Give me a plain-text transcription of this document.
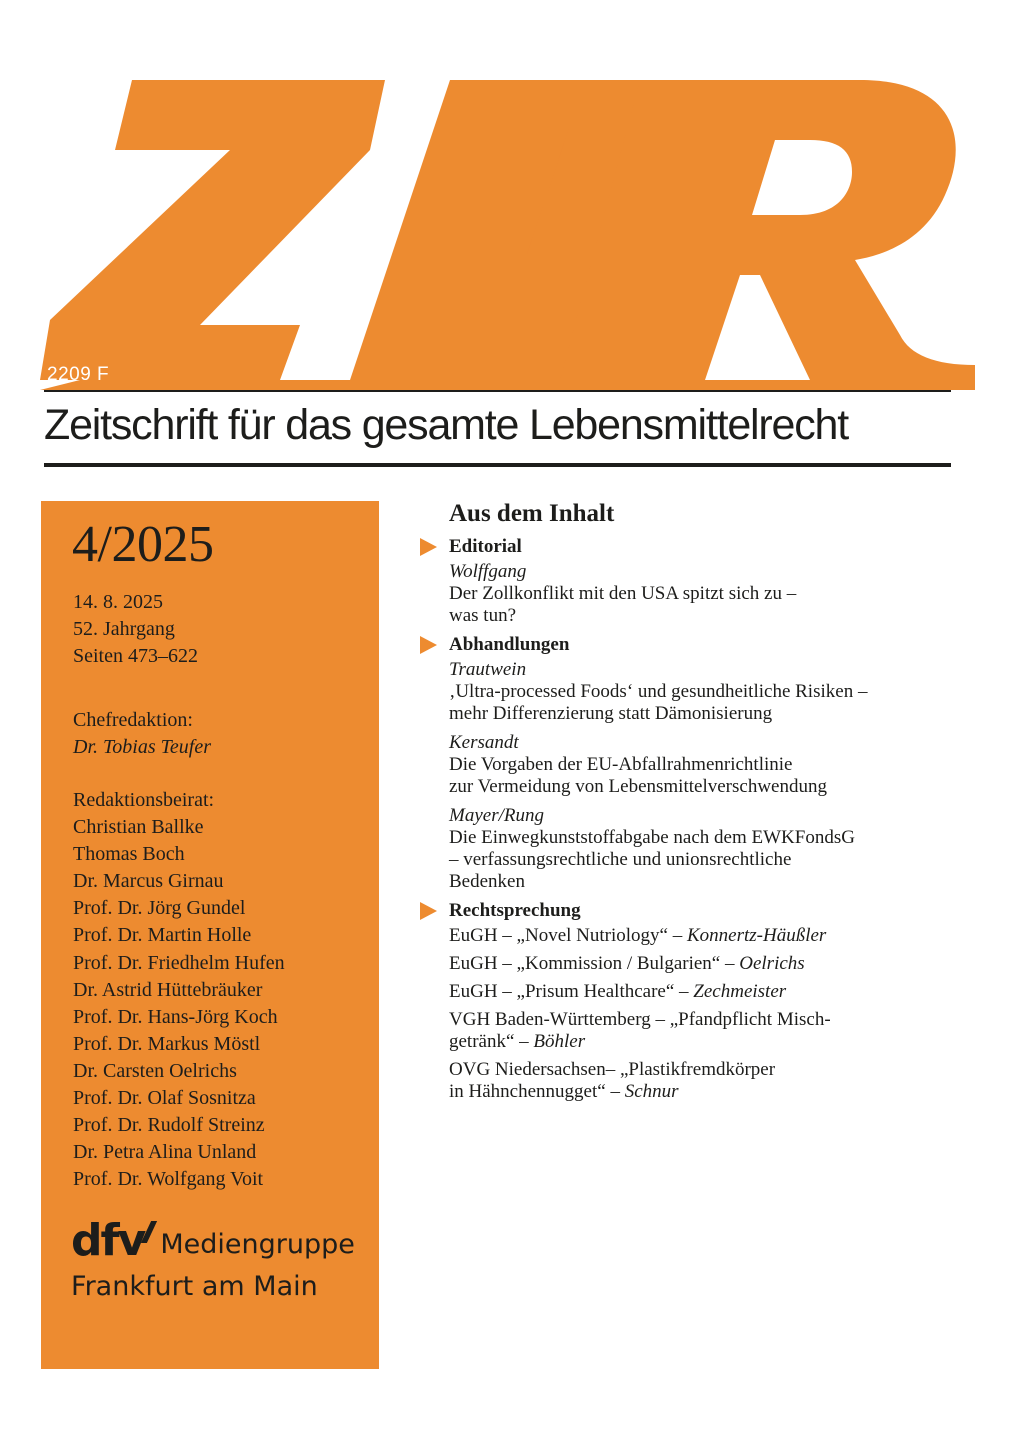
2209 F
Zeitschrift für das gesamte Lebensmittelrecht
4/2025
14. 8. 2025
52. Jahrgang
Seiten 473–622
Chefredaktion:
Dr. Tobias Teufer
Redaktionsbeirat:
Christian Ballke
Thomas Boch
Dr. Marcus Girnau
Prof. Dr. Jörg Gundel
Prof. Dr. Martin Holle
Prof. Dr. Friedhelm Hufen
Dr. Astrid Hüttebräuker
Prof. Dr. Hans-Jörg Koch
Prof. Dr. Markus Möstl
Dr. Carsten Oelrichs
Prof. Dr. Olaf Sosnitza
Prof. Dr. Rudolf Streinz
Dr. Petra Alina Unland
Prof. Dr. Wolfgang Voit
dfv Mediengruppe
Frankfurt am Main
Aus dem Inhalt
Editorial
Wolffgang
Der Zollkonflikt mit den USA spitzt sich zu –
was tun?
Abhandlungen
Trautwein
‚Ultra-processed Foods‘ und gesundheitliche Risiken –
mehr Differenzierung statt Dämonisierung
Kersandt
Die Vorgaben der EU-Abfallrahmenrichtlinie
zur Vermeidung von Lebensmittelverschwendung
Mayer/Rung
Die Einwegkunststoffabgabe nach dem EWKFondsG
– verfassungsrechtliche und unionsrechtliche
Bedenken
Rechtsprechung
EuGH – „Novel Nutriology“ – Konnertz-Häußler
EuGH – „Kommission / Bulgarien“ – Oelrichs
EuGH – „Prisum Healthcare“ – Zechmeister
VGH Baden-Württemberg – „Pfandpflicht Misch-
getränk“ – Böhler
OVG Niedersachsen– „Plastikfremdkörper
in Hähnchennugget“ – Schnur
